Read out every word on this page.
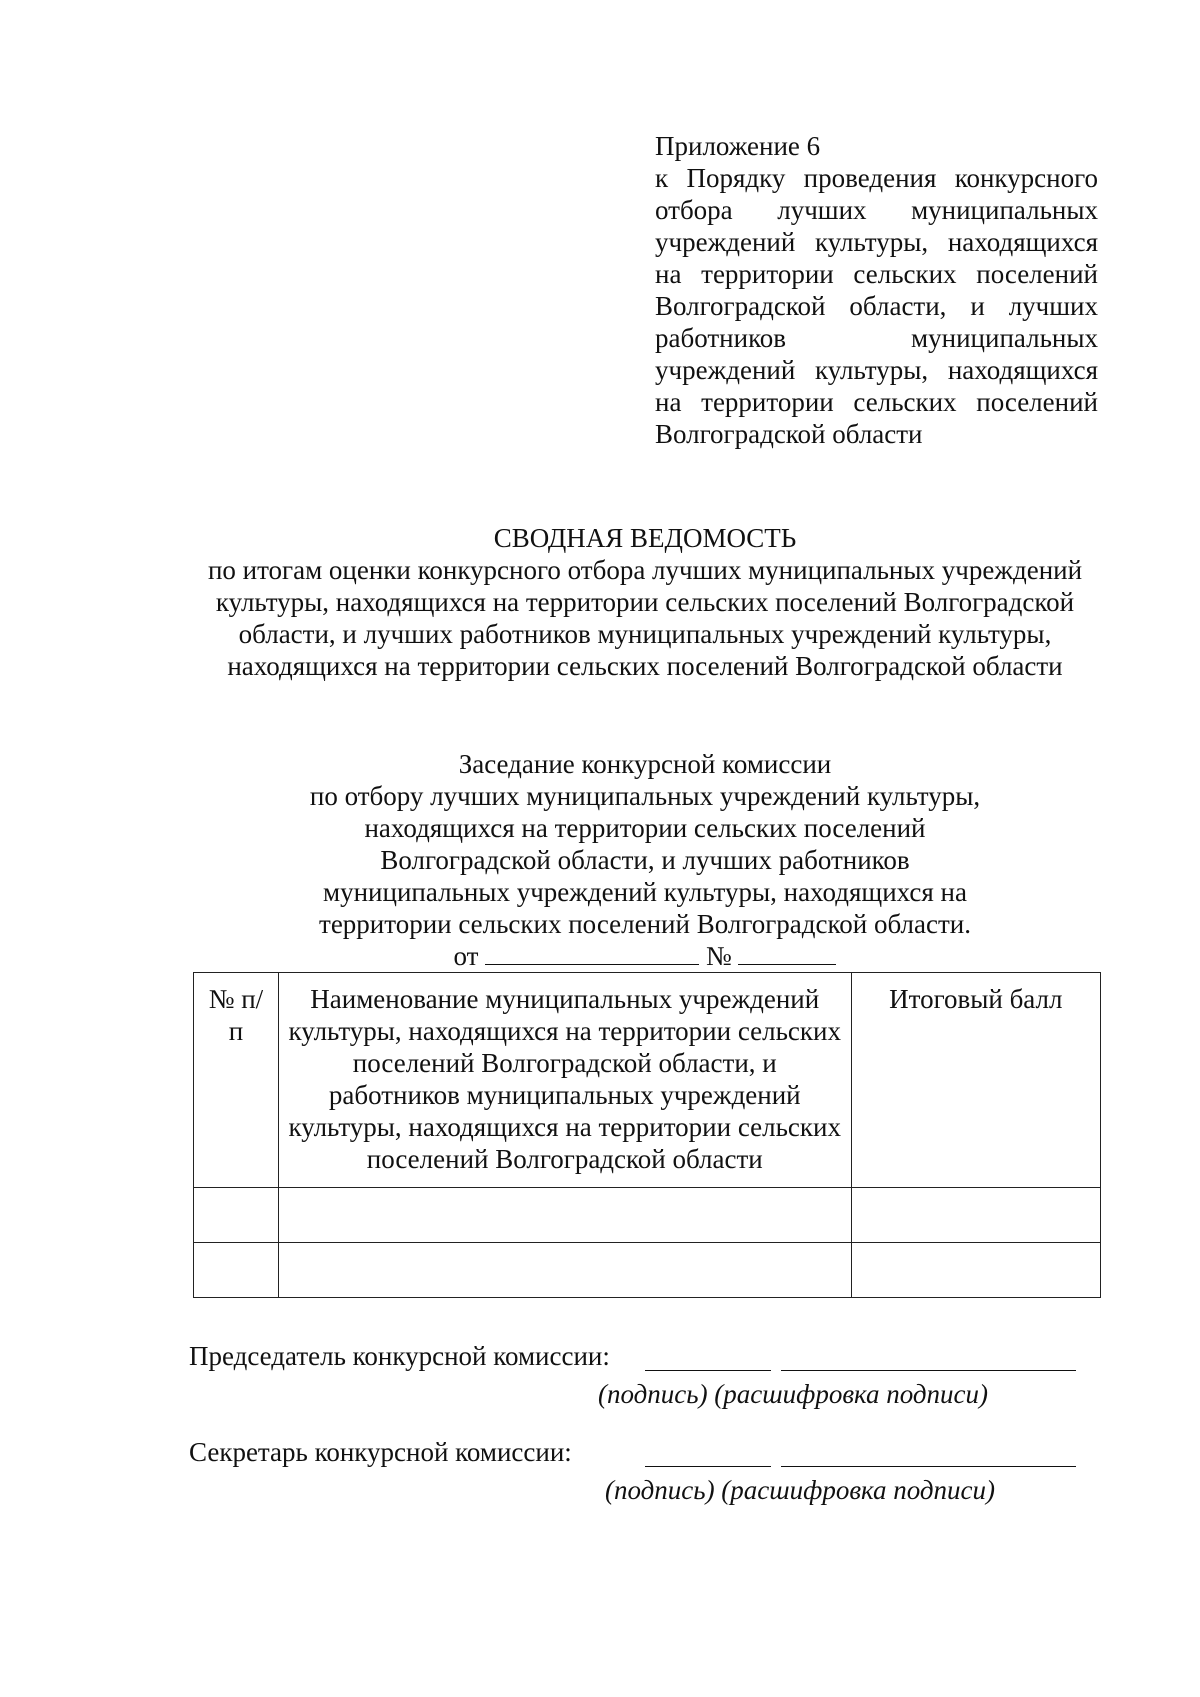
Приложение 6
к Порядку проведения конкурсного отбора лучших муниципальных учреждений культуры, находящихся на территории сельских поселений Волгоградской области, и лучших работников муниципальных учреждений культуры, находящихся на территории сельских поселений Волгоградской области
СВОДНАЯ ВЕДОМОСТЬ
по итогам оценки конкурсного отбора лучших муниципальных учреждений культуры, находящихся на территории сельских поселений Волгоградской области, и лучших работников муниципальных учреждений культуры, находящихся на территории сельских поселений Волгоградской области
Заседание конкурсной комиссии
по отбору лучших муниципальных учреждений культуры, находящихся на территории сельских поселений Волгоградской области, и лучших работников муниципальных учреждений культуры, находящихся на территории сельских поселений Волгоградской области.
от	№
№ п/п	Наименование муниципальных учреждений культуры, находящихся на территории сельских поселений Волгоградской области, и работников муниципальных учреждений культуры, находящихся на территории сельских поселений Волгоградской области	Итоговый балл

Председатель конкурсной комиссии:
(подпись) (расшифровка подписи)
Секретарь конкурсной комиссии:
(подпись) (расшифровка подписи)
